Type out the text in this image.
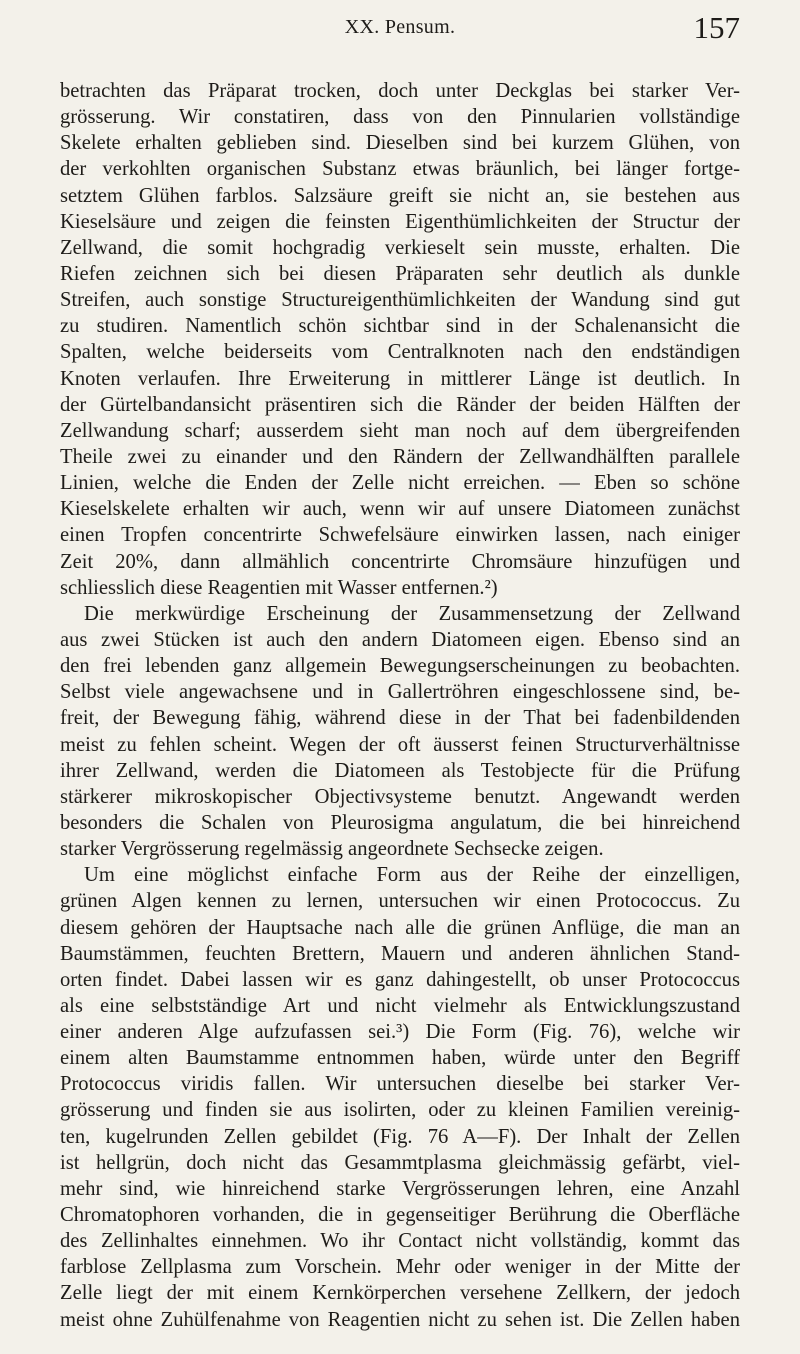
XX. Pensum.	157
betrachten das Präparat trocken, doch unter Deckglas bei starker Ver-
grösserung. Wir constatiren, dass von den Pinnularien vollständige
Skelete erhalten geblieben sind. Dieselben sind bei kurzem Glühen, von
der verkohlten organischen Substanz etwas bräunlich, bei länger fortge-
setztem Glühen farblos. Salzsäure greift sie nicht an, sie bestehen aus
Kieselsäure und zeigen die feinsten Eigenthümlichkeiten der Structur der
Zellwand, die somit hochgradig verkieselt sein musste, erhalten. Die
Riefen zeichnen sich bei diesen Präparaten sehr deutlich als dunkle
Streifen, auch sonstige Structureigenthümlichkeiten der Wandung sind gut
zu studiren. Namentlich schön sichtbar sind in der Schalenansicht die
Spalten, welche beiderseits vom Centralknoten nach den endständigen
Knoten verlaufen. Ihre Erweiterung in mittlerer Länge ist deutlich. In
der Gürtelbandansicht präsentiren sich die Ränder der beiden Hälften der
Zellwandung scharf; ausserdem sieht man noch auf dem übergreifenden
Theile zwei zu einander und den Rändern der Zellwandhälften parallele
Linien, welche die Enden der Zelle nicht erreichen. — Eben so schöne
Kieselskelete erhalten wir auch, wenn wir auf unsere Diatomeen zunächst
einen Tropfen concentrirte Schwefelsäure einwirken lassen, nach einiger
Zeit 20%, dann allmählich concentrirte Chromsäure hinzufügen und
schliesslich diese Reagentien mit Wasser entfernen.²)
Die merkwürdige Erscheinung der Zusammensetzung der Zellwand
aus zwei Stücken ist auch den andern Diatomeen eigen. Ebenso sind an
den frei lebenden ganz allgemein Bewegungserscheinungen zu beobachten.
Selbst viele angewachsene und in Gallertröhren eingeschlossene sind, be-
freit, der Bewegung fähig, während diese in der That bei fadenbildenden
meist zu fehlen scheint. Wegen der oft äusserst feinen Structurverhältnisse
ihrer Zellwand, werden die Diatomeen als Testobjecte für die Prüfung
stärkerer mikroskopischer Objectivsysteme benutzt. Angewandt werden
besonders die Schalen von Pleurosigma angulatum, die bei hinreichend
starker Vergrösserung regelmässig angeordnete Sechsecke zeigen.
Um eine möglichst einfache Form aus der Reihe der einzelligen,
grünen Algen kennen zu lernen, untersuchen wir einen Protococcus. Zu
diesem gehören der Hauptsache nach alle die grünen Anflüge, die man an
Baumstämmen, feuchten Brettern, Mauern und anderen ähnlichen Stand-
orten findet. Dabei lassen wir es ganz dahingestellt, ob unser Protococcus
als eine selbstständige Art und nicht vielmehr als Entwicklungszustand
einer anderen Alge aufzufassen sei.³) Die Form (Fig. 76), welche wir
einem alten Baumstamme entnommen haben, würde unter den Begriff
Protococcus viridis fallen. Wir untersuchen dieselbe bei starker Ver-
grösserung und finden sie aus isolirten, oder zu kleinen Familien vereinig-
ten, kugelrunden Zellen gebildet (Fig. 76 A—F). Der Inhalt der Zellen
ist hellgrün, doch nicht das Gesammtplasma gleichmässig gefärbt, viel-
mehr sind, wie hinreichend starke Vergrösserungen lehren, eine Anzahl
Chromatophoren vorhanden, die in gegenseitiger Berührung die Oberfläche
des Zellinhaltes einnehmen. Wo ihr Contact nicht vollständig, kommt das
farblose Zellplasma zum Vorschein. Mehr oder weniger in der Mitte der
Zelle liegt der mit einem Kernkörperchen versehene Zellkern, der jedoch
meist ohne Zuhülfenahme von Reagentien nicht zu sehen ist. Die Zellen haben
